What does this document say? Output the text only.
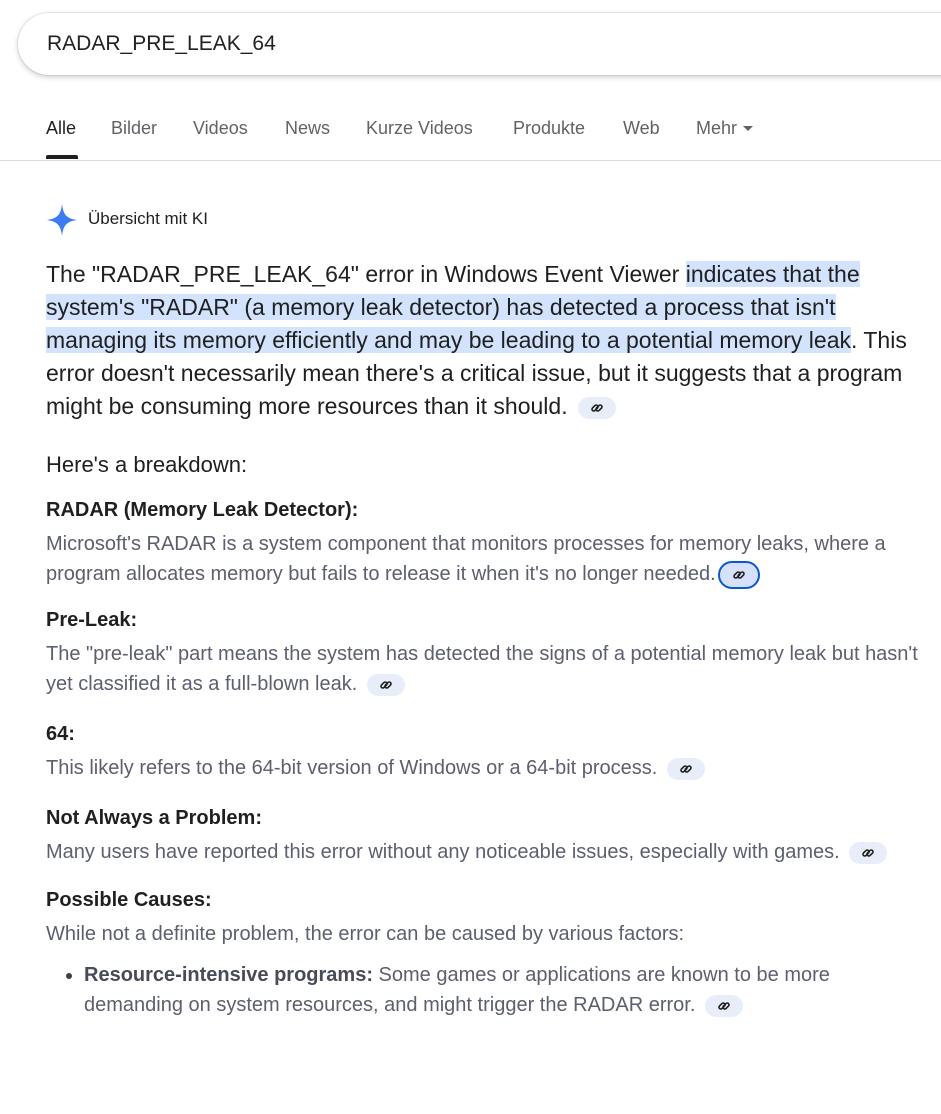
RADAR_PRE_LEAK_64
Alle Bilder Videos News Kurze Videos Produkte Web Mehr
Übersicht mit KI

The "RADAR_PRE_LEAK_64" error in Windows Event Viewer indicates that the system's "RADAR" (a memory leak detector) has detected a process that isn't managing its memory efficiently and may be leading to a potential memory leak. This error doesn't necessarily mean there's a critical issue, but it suggests that a program might be consuming more resources than it should.

Here's a breakdown:
RADAR (Memory Leak Detector):
Microsoft's RADAR is a system component that monitors processes for memory leaks, where a program allocates memory but fails to release it when it's no longer needed.
Pre-Leak:
The "pre-leak" part means the system has detected the signs of a potential memory leak but hasn't yet classified it as a full-blown leak.
64:
This likely refers to the 64-bit version of Windows or a 64-bit process.
Not Always a Problem:
Many users have reported this error without any noticeable issues, especially with games.
Possible Causes:
While not a definite problem, the error can be caused by various factors:
• Resource-intensive programs: Some games or applications are known to be more demanding on system resources, and might trigger the RADAR error.
